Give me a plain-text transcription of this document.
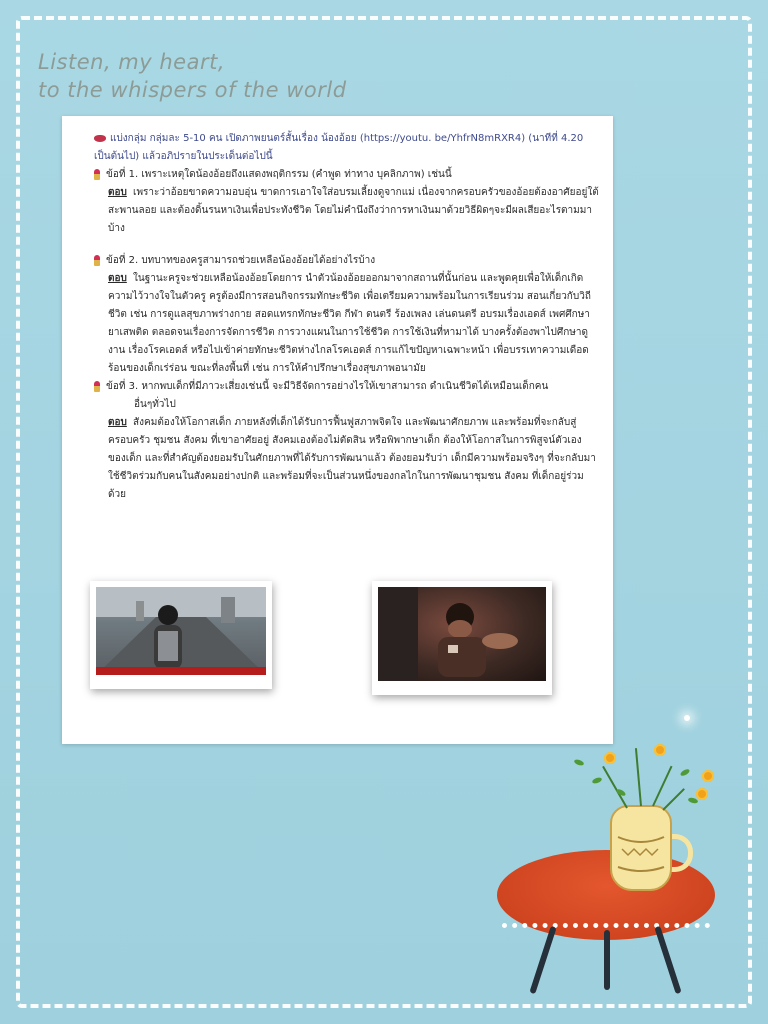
Listen, my heart,
to the whispers of the world
แบ่งกลุ่ม กลุ่มละ 5-10 คน เปิดภาพยนตร์สั้นเรื่อง น้องอ้อย (https://youtu. be/YhfrN8mRXR4) (นาทีที่ 4.20 เป็นต้นไป) แล้วอภิปรายในประเด็นต่อไปนี้
ข้อที่ 1. เพราะเหตุใดน้องอ้อยถึงแสดงพฤติกรรม (คำพูด ท่าทาง บุคลิกภาพ) เช่นนี้
ตอบ เพราะว่าอ้อยขาดความอบอุ่น ขาดการเอาใจใส่อบรมเลี้ยงดูจากแม่ เนื่องจากครอบครัวของอ้อยต้องอาศัยอยู่ใต้สะพานลอย และต้องดิ้นรนหาเงินเพื่อประทังชีวิต โดยไม่คำนึงถึงว่าการหาเงินมาด้วยวิธีผิดๆจะมีผลเสียอะไรตามมาบ้าง
ข้อที่ 2. บทบาทของครูสามารถช่วยเหลือน้องอ้อยได้อย่างไรบ้าง
ตอบ ในฐานะครูจะช่วยเหลือน้องอ้อยโดยการ นำตัวน้องอ้อยออกมาจากสถานที่นั้นก่อน และพูดคุยเพื่อให้เด็กเกิดความไว้วางใจในตัวครู ครูต้องมีการสอนกิจกรรมทักษะชีวิต เพื่อเตรียมความพร้อมในการเรียนร่วม สอนเกี่ยวกับวิถีชีวิต เช่น การดูแลสุขภาพร่างกาย สอดแทรกทักษะชีวิต กีฬา ดนตรี ร้องเพลง เล่นดนตรี อบรมเรื่องเอดส์ เพศศึกษา ยาเสพติด ตลอดจนเรื่องการจัดการชีวิต การวางแผนในการใช้ชีวิต การใช้เงินที่หามาได้ บางครั้งต้องพาไปศึกษาดูงาน เรื่องโรคเอดส์ หรือไปเข้าค่ายทักษะชีวิตห่างไกลโรคเอดส์ การแก้ไขปัญหาเฉพาะหน้า เพื่อบรรเทาความเดือดร้อนของเด็กเร่ร่อน ขณะที่ลงพื้นที่ เช่น การให้คำปรึกษาเรื่องสุขภาพอนามัย
ข้อที่ 3. หากพบเด็กที่มีภาวะเสี่ยงเช่นนี้ จะมีวิธีจัดการอย่างไรให้เขาสามารถ ดำเนินชีวิตได้เหมือนเด็กคน
อื่นๆทั่วไป
ตอบ สังคมต้องให้โอกาสเด็ก ภายหลังที่เด็กได้รับการฟื้นฟูสภาพจิตใจ และพัฒนาศักยภาพ และพร้อมที่จะกลับสู่ ครอบครัว ชุมชน สังคม ที่เขาอาศัยอยู่ สังคมเองต้องไม่ตัดสิน หรือพิพากษาเด็ก ต้องให้โอกาสในการพิสูจน์ตัวเองของเด็ก และที่สำคัญต้องยอมรับในศักยภาพที่ได้รับการพัฒนาแล้ว ต้องยอมรับว่า เด็กมีความพร้อมจริงๆ ที่จะกลับมาใช้ชีวิตร่วมกับคนในสังคมอย่างปกติ และพร้อมที่จะเป็นส่วนหนึ่งของกลไกในการพัฒนาชุมชน สังคม ที่เด็กอยู่ร่วมด้วย
